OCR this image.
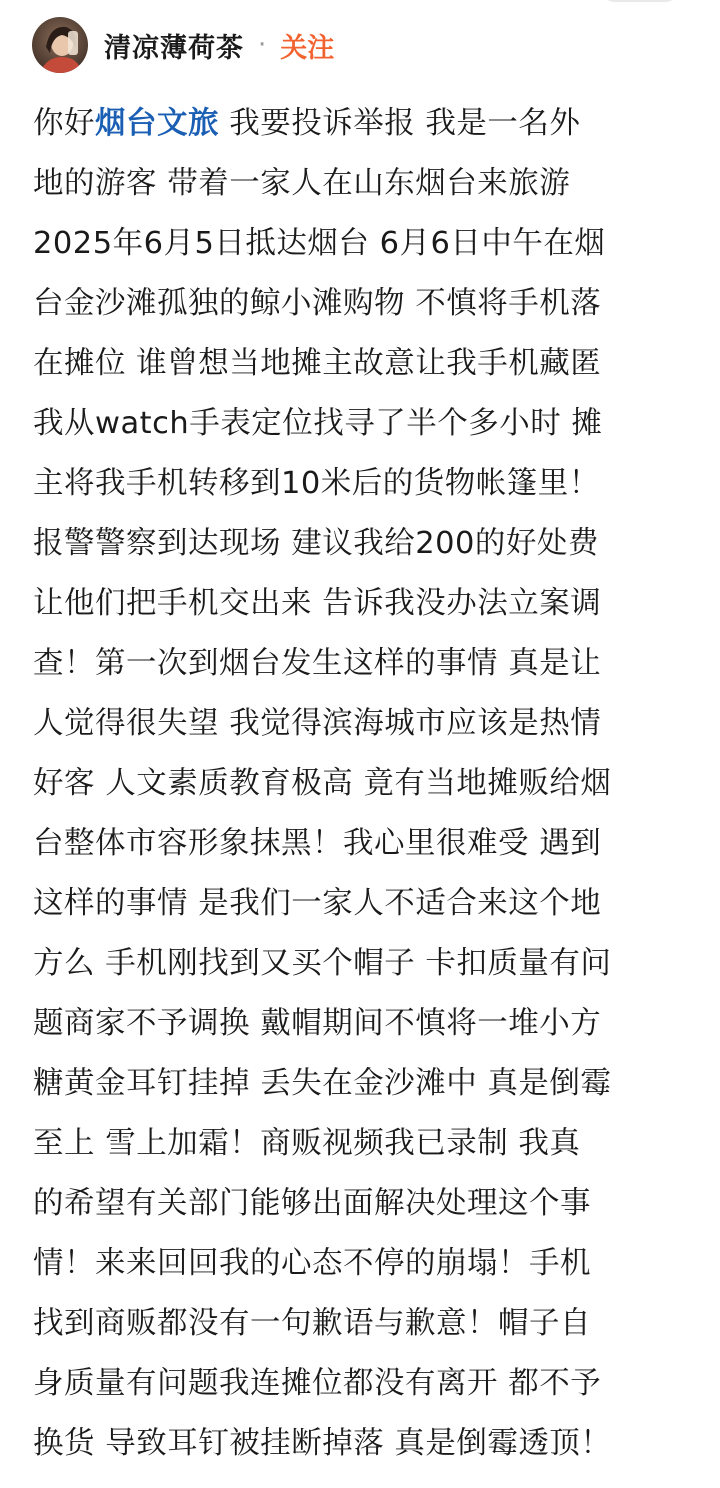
清凉薄荷茶 · 关注
你好烟台文旅 我要投诉举报 我是一名外
地的游客 带着一家人在山东烟台来旅游
2025年6月5日抵达烟台 6月6日中午在烟
台金沙滩孤独的鲸小滩购物 不慎将手机落
在摊位 谁曾想当地摊主故意让我手机藏匿
我从watch手表定位找寻了半个多小时 摊
主将我手机转移到10米后的货物帐篷里！
报警警察到达现场 建议我给200的好处费
让他们把手机交出来 告诉我没办法立案调
查！第一次到烟台发生这样的事情 真是让
人觉得很失望 我觉得滨海城市应该是热情
好客 人文素质教育极高 竟有当地摊贩给烟
台整体市容形象抹黑！我心里很难受 遇到
这样的事情 是我们一家人不适合来这个地
方么 手机刚找到又买个帽子 卡扣质量有问
题商家不予调换 戴帽期间不慎将一堆小方
糖黄金耳钉挂掉 丢失在金沙滩中 真是倒霉
至上 雪上加霜！商贩视频我已录制 我真
的希望有关部门能够出面解决处理这个事
情！来来回回我的心态不停的崩塌！手机
找到商贩都没有一句歉语与歉意！帽子自
身质量有问题我连摊位都没有离开 都不予
换货 导致耳钉被挂断掉落 真是倒霉透顶！
